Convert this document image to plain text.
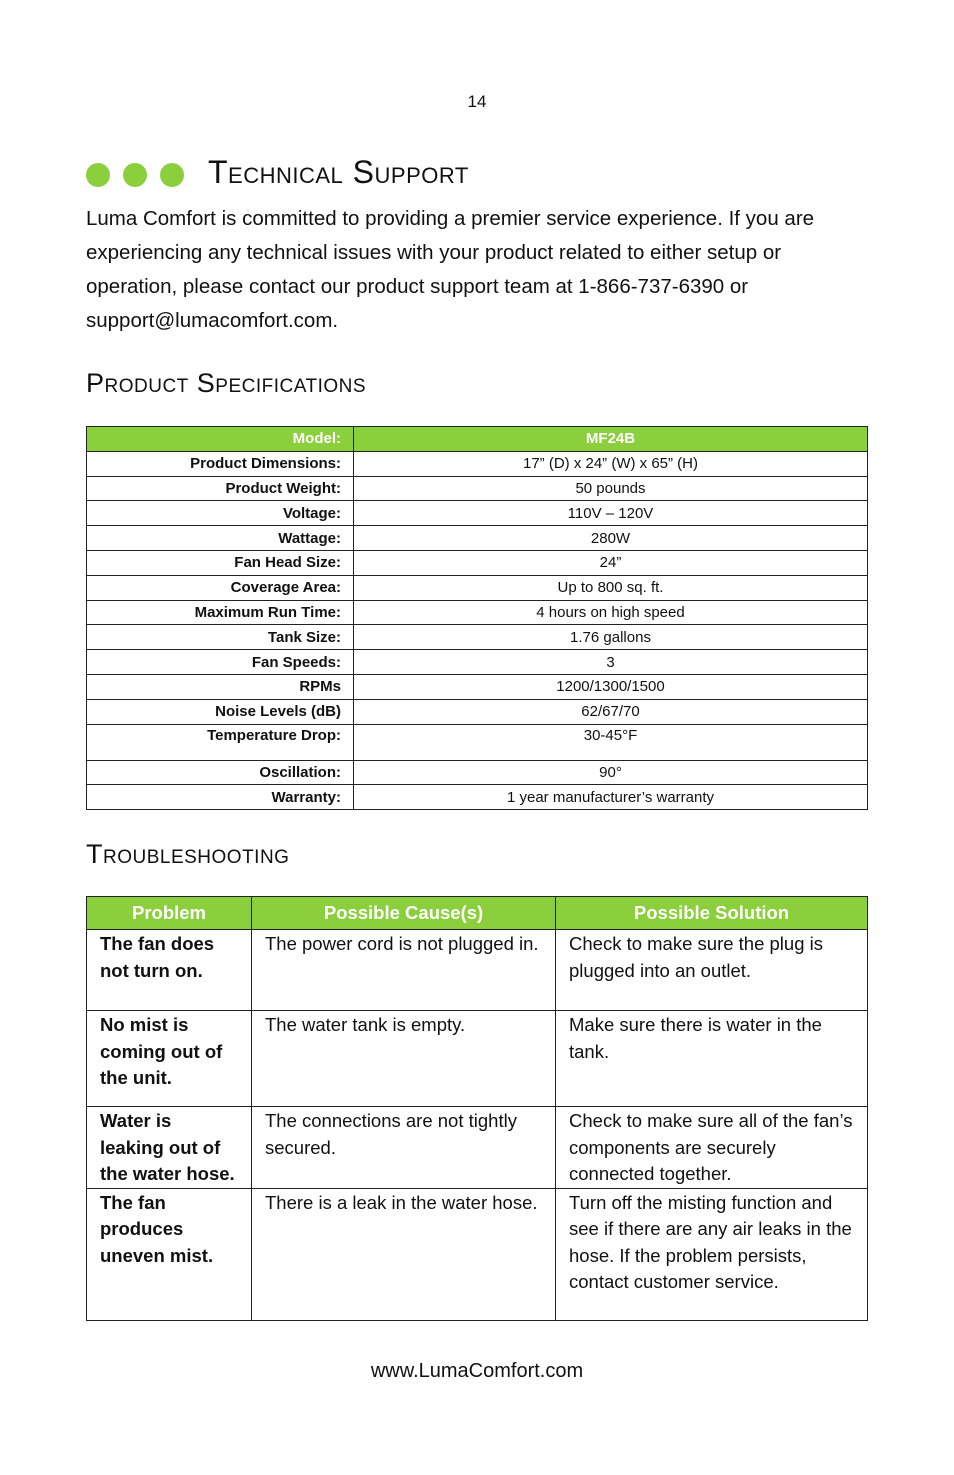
14
Technical Support
Luma Comfort is committed to providing a premier service experience. If you are experiencing any technical issues with your product related to either setup or operation, please contact our product support team at 1-866-737-6390 or support@lumacomfort.com.
Product Specifications
Model:	MF24B
Product Dimensions:	17” (D) x 24” (W) x 65” (H)
Product Weight:	50 pounds
Voltage:	110V – 120V
Wattage:	280W
Fan Head Size:	24”
Coverage Area:	Up to 800 sq. ft.
Maximum Run Time:	4 hours on high speed
Tank Size:	1.76 gallons
Fan Speeds:	3
RPMs	1200/1300/1500
Noise Levels (dB)	62/67/70
Temperature Drop:	30-45°F
Oscillation:	90°
Warranty:	1 year manufacturer’s warranty
Troubleshooting
Problem	Possible Cause(s)	Possible Solution
The fan does not turn on.	The power cord is not plugged in.	Check to make sure the plug is plugged into an outlet.
No mist is coming out of the unit.	The water tank is empty.	Make sure there is water in the tank.
Water is leaking out of the water hose.	The connections are not tightly secured.	Check to make sure all of the fan’s components are securely connected together.
The fan produces uneven mist.	There is a leak in the water hose.	Turn off the misting function and see if there are any air leaks in the hose. If the problem persists, contact customer service.
www.LumaComfort.com
